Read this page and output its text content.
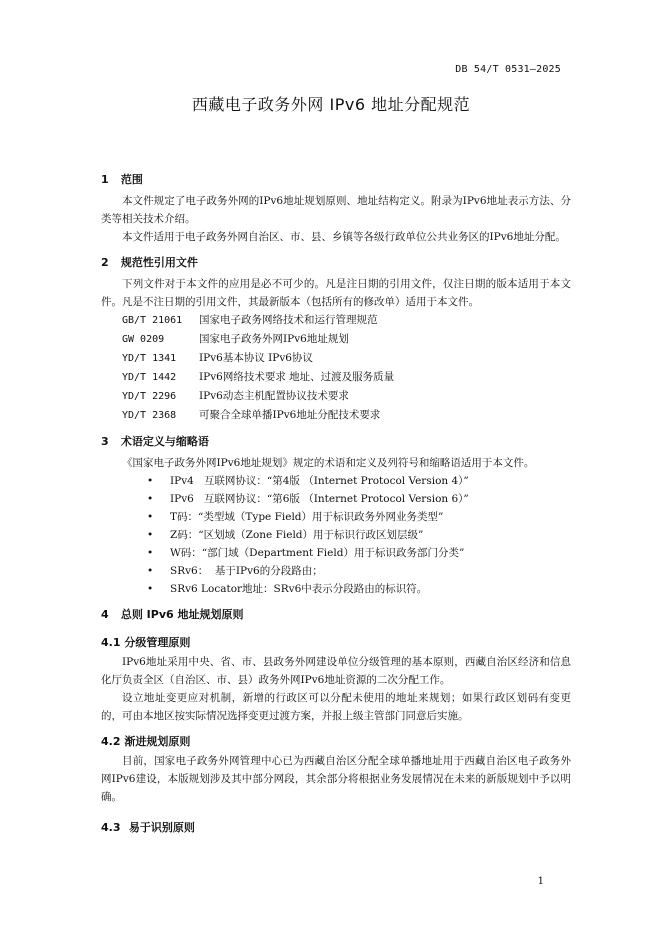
DB 54/T 0531—2025
西藏电子政务外网 IPv6 地址分配规范
1 范围

本文件规定了电子政务外网的IPv6地址规划原则、地址结构定义。附录为IPv6地址表示方法、分类等相关技术介绍。

本文件适用于电子政务外网自治区、市、县、乡镇等各级行政单位公共业务区的IPv6地址分配。

2 规范性引用文件

下列文件对于本文件的应用是必不可少的。凡是注日期的引用文件，仅注日期的版本适用于本文件。凡是不注日期的引用文件，其最新版本（包括所有的修改单）适用于本文件。

GB/T 21061 国家电子政务网络技术和运行管理规范
GW 0209	国家电子政务外网IPv6地址规划
YD/T 1341 IPv6基本协议 IPv6协议
YD/T 1442 IPv6网络技术要求 地址、过渡及服务质量
YD/T 2296 IPv6动态主机配置协议技术要求
YD/T 2368 可聚合全球单播IPv6地址分配技术要求
3 术语定义与缩略语

《国家电子政务外网IPv6地址规划》规定的术语和定义及列符号和缩略语适用于本文件。

• IPv4 互联网协议：“第4版 （Internet Protocol Version 4）”
• IPv6 互联网协议：“第6版 （Internet Protocol Version 6）”
• T码：“类型域（Type Field）用于标识政务外网业务类型”
• Z码：“区划域（Zone Field）用于标识行政区划层级”
• W码：“部门域（Department Field）用于标识政务部门分类”
• SRv6： 基于IPv6的分段路由；
• SRv6 Locator地址：SRv6中表示分段路由的标识符。
4 总则 IPv6 地址规划原则
4.1 分级管理原则

IPv6地址采用中央、省、市、县政务外网建设单位分级管理的基本原则，西藏自治区经济和信息化厅负责全区（自治区、市、县）政务外网IPv6地址资源的二次分配工作。

设立地址变更应对机制，新增的行政区可以分配未使用的地址来规划；如果行政区划码有变更的，可由本地区按实际情况选择变更过渡方案，并报上级主管部门同意后实施。

4.2 渐进规划原则

目前，国家电子政务外网管理中心已为西藏自治区分配全球单播地址用于西藏自治区电子政务外网IPv6建设，本版规划涉及其中部分网段，其余部分将根据业务发展情况在未来的新版规划中予以明确。

4.3 易于识别原则
1
